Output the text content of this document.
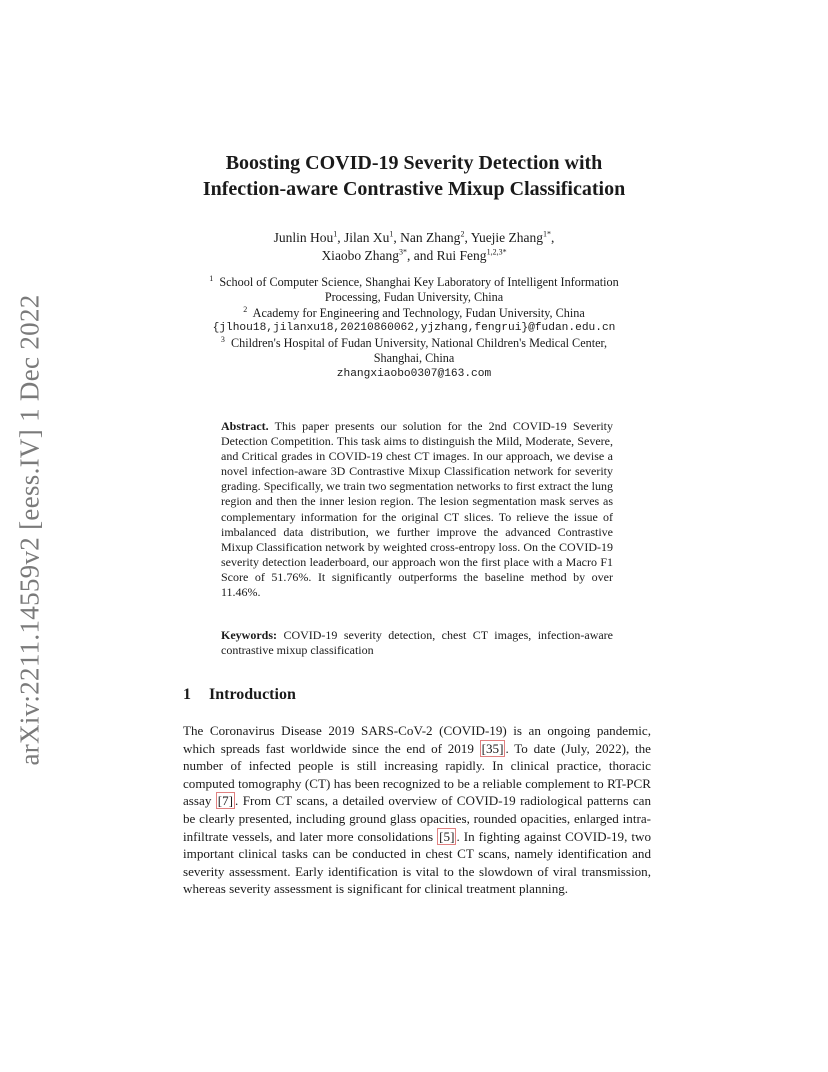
arXiv:2211.14559v2 [eess.IV] 1 Dec 2022
Boosting COVID-19 Severity Detection with
Infection-aware Contrastive Mixup Classification
Junlin Hou$^1$, Jilan Xu$^1$, Nan Zhang$^2$, Yuejie Zhang$^{1*}$,
Xiaobo Zhang$^{3*}$, and Rui Feng$^{1,2,3*}$
$^1$ School of Computer Science, Shanghai Key Laboratory of Intelligent Information
Processing, Fudan University, China
$^2$ Academy for Engineering and Technology, Fudan University, China
{jlhou18,jilanxu18,20210860062,yjzhang,fengrui}@fudan.edu.cn
$^3$ Children's Hospital of Fudan University, National Children's Medical Center,
Shanghai, China
zhangxiaobo0307@163.com
Abstract. This paper presents our solution for the 2nd COVID-19 Severity Detection Competition. This task aims to distinguish the Mild, Moderate, Severe, and Critical grades in COVID-19 chest CT images. In our approach, we devise a novel infection-aware 3D Contrastive Mixup Classification network for severity grading. Specifically, we train two segmentation networks to first extract the lung region and then the inner lesion region. The lesion segmentation mask serves as complementary information for the original CT slices. To relieve the issue of imbalanced data distribution, we further improve the advanced Contrastive Mixup Classification network by weighted cross-entropy loss. On the COVID-19 severity detection leaderboard, our approach won the first place with a Macro F1 Score of 51.76%. It significantly outperforms the baseline method by over 11.46%.
Keywords: COVID-19 severity detection, chest CT images, infection-aware contrastive mixup classification
1 Introduction
The Coronavirus Disease 2019 SARS-CoV-2 (COVID-19) is an ongoing pandemic, which spreads fast worldwide since the end of 2019 [35] . To date (July, 2022), the number of infected people is still increasing rapidly. In clinical practice, thoracic computed tomography (CT) has been recognized to be a reliable complement to RT-PCR assay [7] . From CT scans, a detailed overview of COVID-19 radiological patterns can be clearly presented, including ground glass opacities, rounded opacities, enlarged intra-infiltrate vessels, and later more consolidations [5] . In fighting against COVID-19, two important clinical tasks can be conducted in chest CT scans, namely identification and severity assessment. Early identification is vital to the slowdown of viral transmission, whereas severity assessment is significant for clinical treatment planning.
